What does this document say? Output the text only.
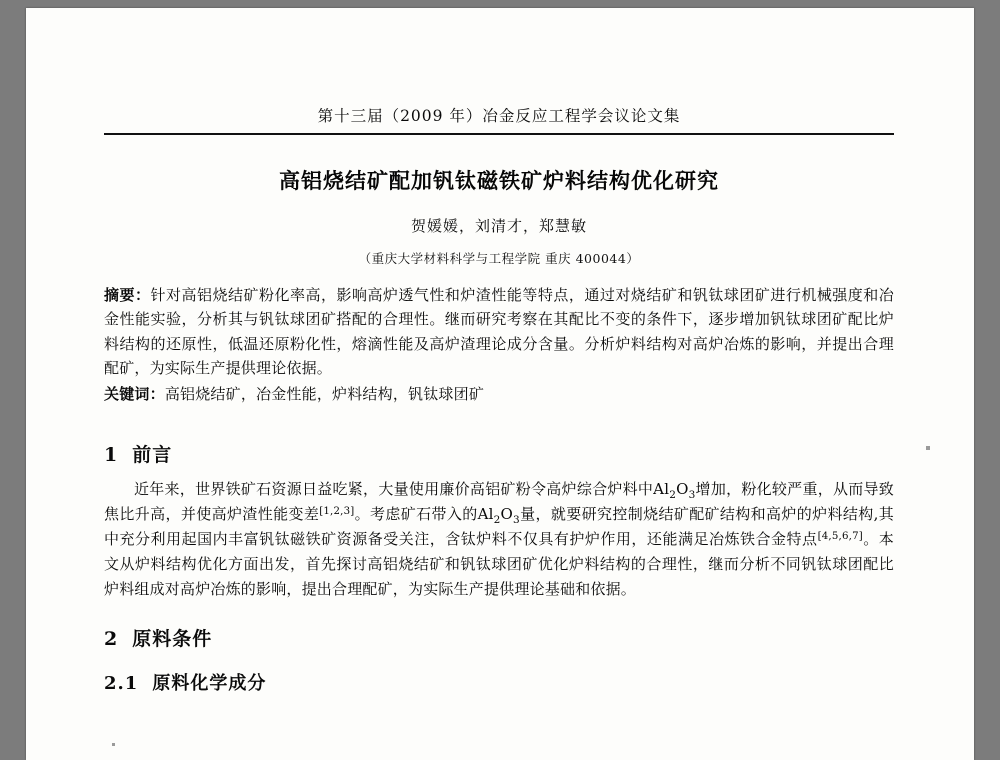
第十三届（2009 年）冶金反应工程学会议论文集
高铝烧结矿配加钒钛磁铁矿炉料结构优化研究
贺媛媛，刘清才，郑慧敏
（重庆大学材料科学与工程学院 重庆 400044）
摘要：针对高铝烧结矿粉化率高，影响高炉透气性和炉渣性能等特点，通过对烧结矿和钒钛球团矿进行机械强度和冶金性能实验，分析其与钒钛球团矿搭配的合理性。继而研究考察在其配比不变的条件下，逐步增加钒钛球团矿配比炉料结构的还原性，低温还原粉化性，熔滴性能及高炉渣理论成分含量。分析炉料结构对高炉冶炼的影响，并提出合理配矿，为实际生产提供理论依据。
关键词：高铝烧结矿，冶金性能，炉料结构，钒钛球团矿
1 前言
近年来，世界铁矿石资源日益吃紧，大量使用廉价高铝矿粉令高炉综合炉料中$Al_2O_3$增加，粉化较严重，从而导致焦比升高，并使高炉渣性能变差[1,2,3]。考虑矿石带入的$Al_2O_3$量，就要研究控制烧结矿配矿结构和高炉的炉料结构,其中充分利用起国内丰富钒钛磁铁矿资源备受关注，含钛炉料不仅具有护炉作用，还能满足冶炼铁合金特点[4,5,6,7]。本文从炉料结构优化方面出发，首先探讨高铝烧结矿和钒钛球团矿优化炉料结构的合理性，继而分析不同钒钛球团配比炉料组成对高炉冶炼的影响，提出合理配矿，为实际生产提供理论基础和依据。
2 原料条件
2.1 原料化学成分
